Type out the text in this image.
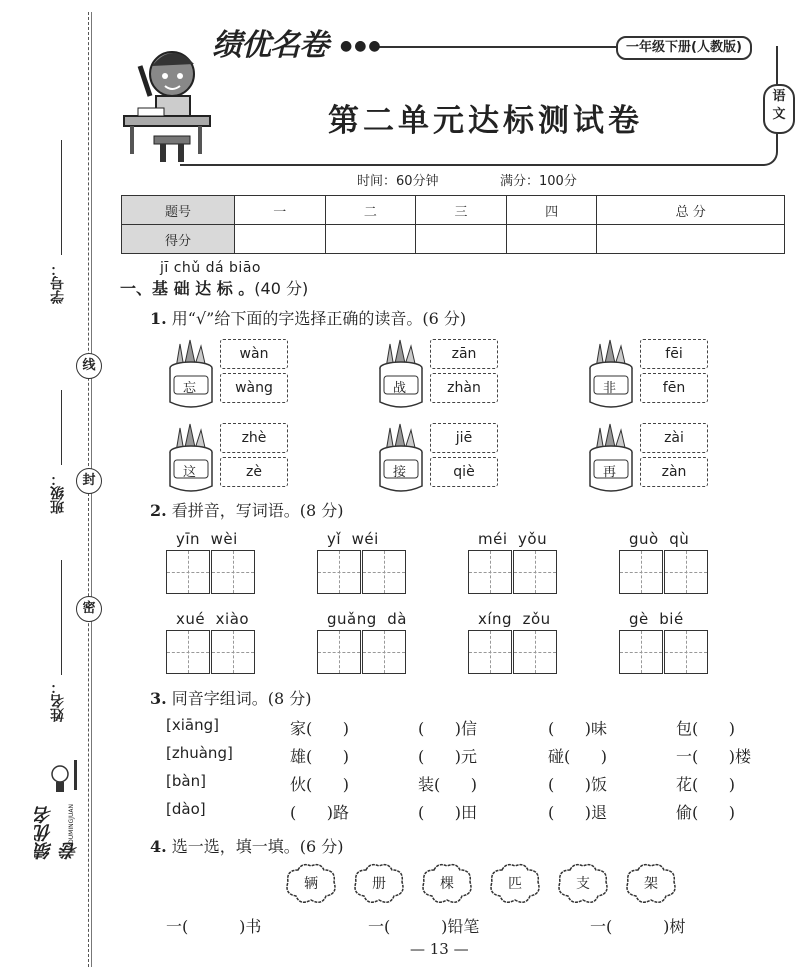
学号：
线
班级：	封
密
姓名：
绩优名卷
JIYOUMINGJUAN
绩优名卷 ●●●	一年级下册(人教版)
第二单元达标测试卷
语文
时间：60分钟	满分：100分
题号	一	二	三	四	总 分
得分					
jī chǔ dá biāo
一、基 础 达 标 。(40 分)
1. 用“√”给下面的字选择正确的读音。(6 分)
忘
wàn
wàng	战
zān
zhàn	非
fēi
fēn
这
zhè
zè	接
jiē
qiè	再
zài
zàn
2. 看拼音，写词语。(8 分)
yīn  wèi	yǐ  wéi	méi  yǒu	guò  qù
xué  xiào	guǎng  dà	xíng  zǒu	gè  bié
3. 同音字组词。(8 分)
[xiāng]	家(      )	(      )信	(      )味	包(      )
[zhuàng]	雄(      )	(      )元	碰(      )	一(      )楼
[bàn]	伙(      )	装(      )	(      )饭	花(      )
[dào]	(      )路	(      )田	(      )退	偷(      )
4. 选一选，填一填。(6 分)
辆	册	棵	匹	支	架
一(          )书	一(          )铅笔	一(          )树
— 13 —
